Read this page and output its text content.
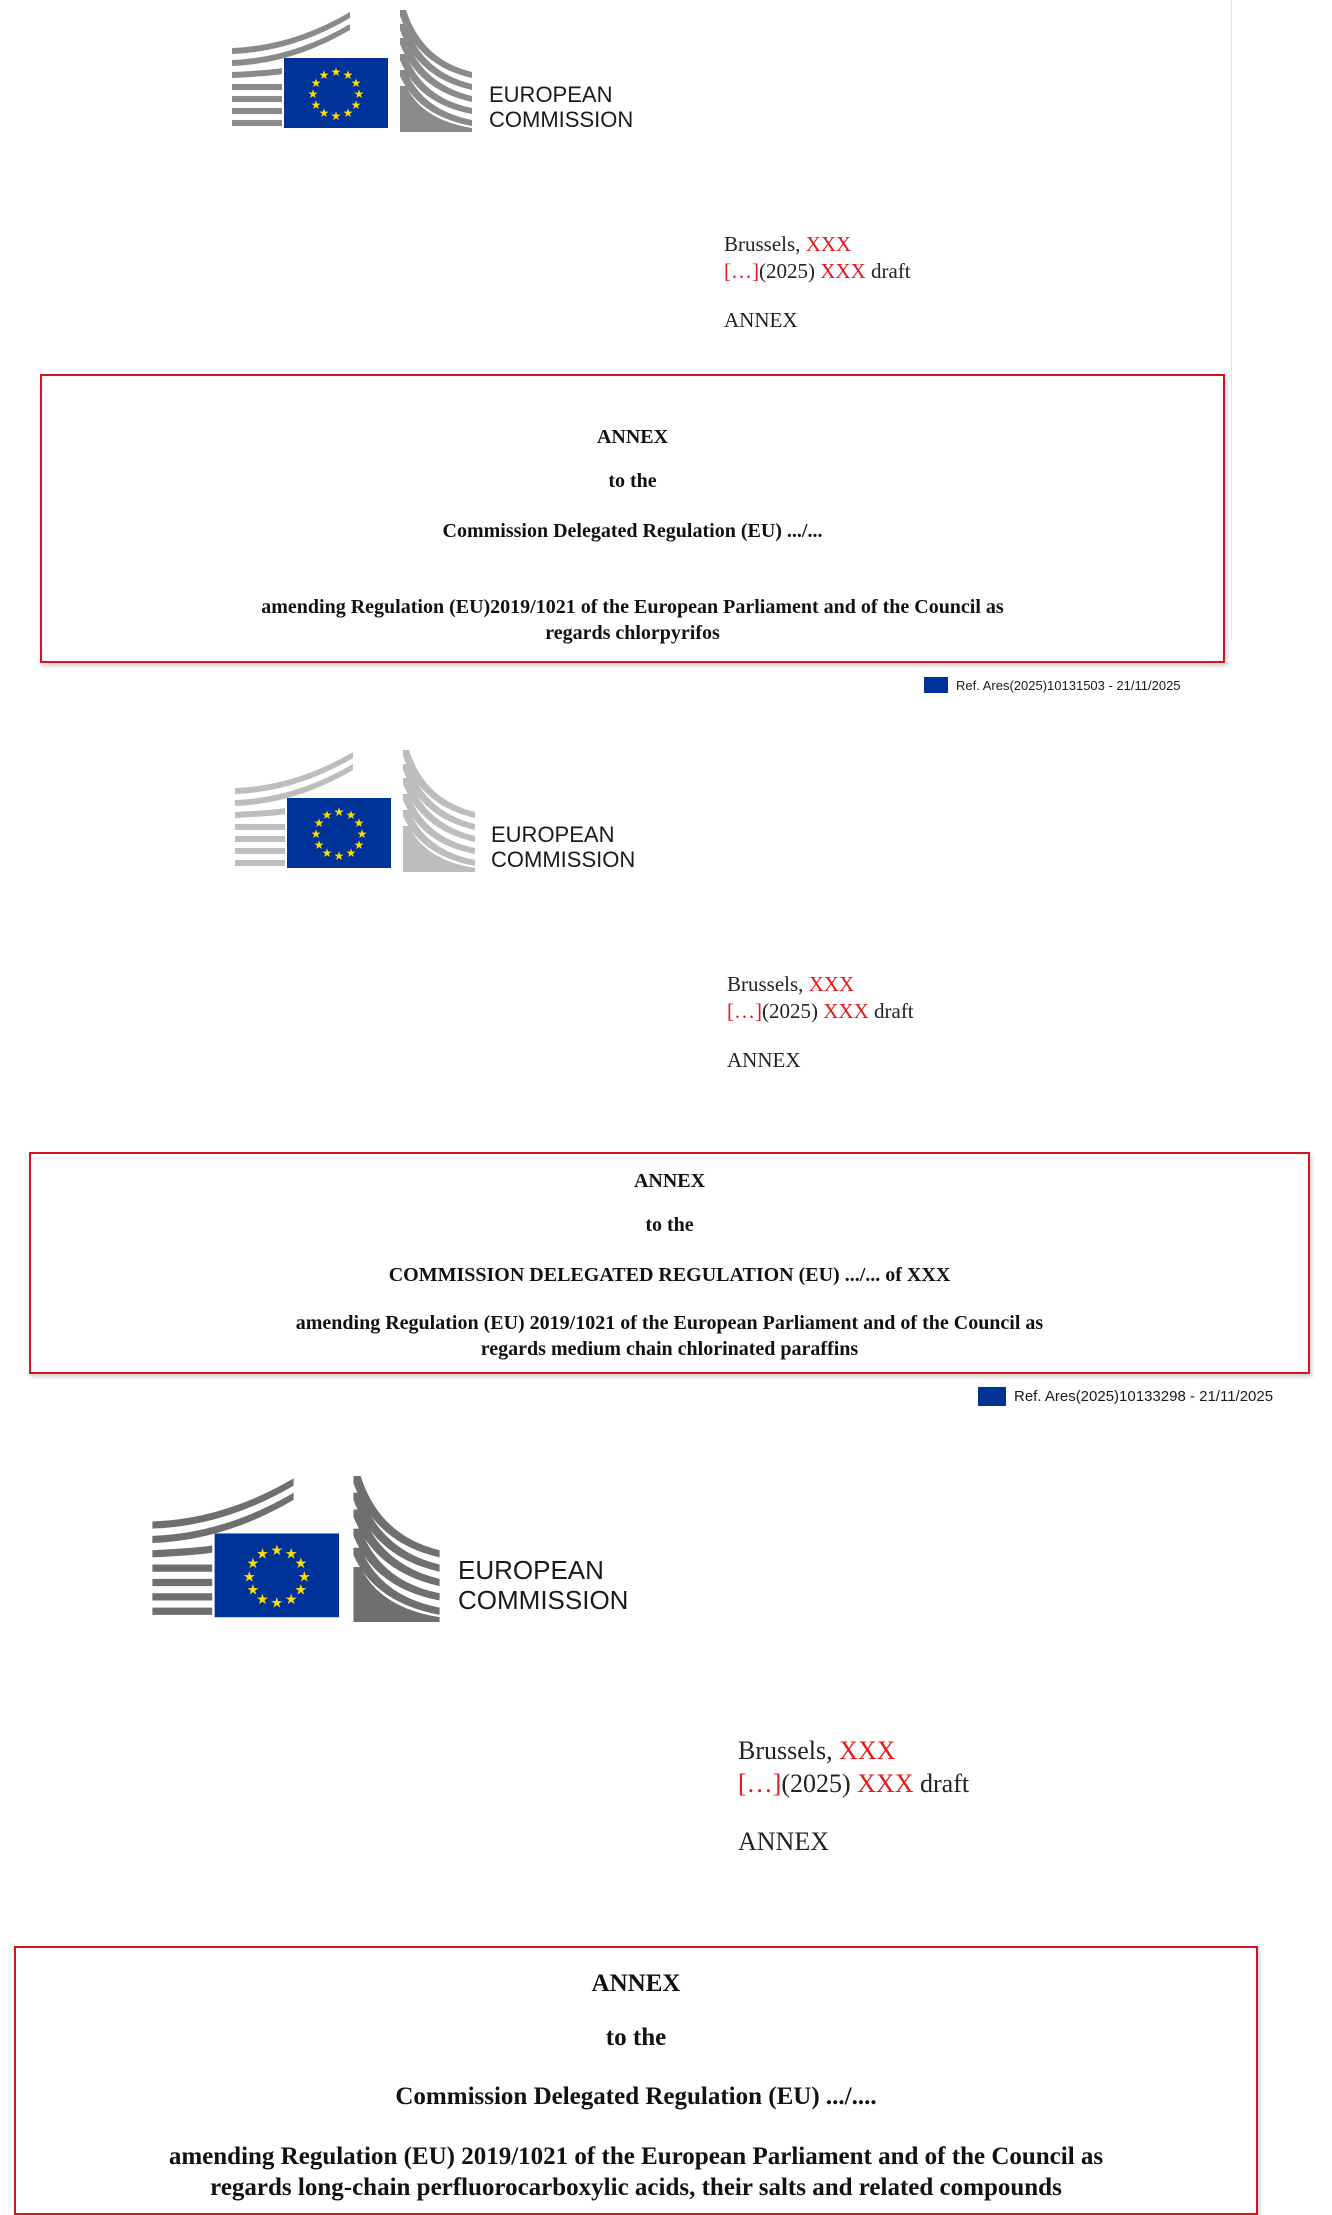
★ ★
★
★
★
★
★
★
★
★
★
★
EUROPEAN
COMMISSION
Brussels, XXX
[…](2025) XXX draft
ANNEX
ANNEX
to the
Commission Delegated Regulation (EU) .../...
amending Regulation (EU)2019/1021 of the European Parliament and of the Council as
regards chlorpyrifos
Ref. Ares(2025)10131503 - 21/11/2025
★ ★
★
★
★
★
★
★
★
★
★
★
EUROPEAN
COMMISSION
Brussels, XXX
[…](2025) XXX draft
ANNEX
ANNEX
to the
COMMISSION DELEGATED REGULATION (EU) .../... of XXX
amending Regulation (EU) 2019/1021 of the European Parliament and of the Council as
regards medium chain chlorinated paraffins
Ref. Ares(2025)10133298 - 21/11/2025
★ ★
★
★
★
★
★
★
★
★
★
★
EUROPEAN
COMMISSION
Brussels, XXX
[…](2025) XXX draft
ANNEX
ANNEX
to the
Commission Delegated Regulation (EU) .../....
amending Regulation (EU) 2019/1021 of the European Parliament and of the Council as
regards long-chain perfluorocarboxylic acids, their salts and related compounds
